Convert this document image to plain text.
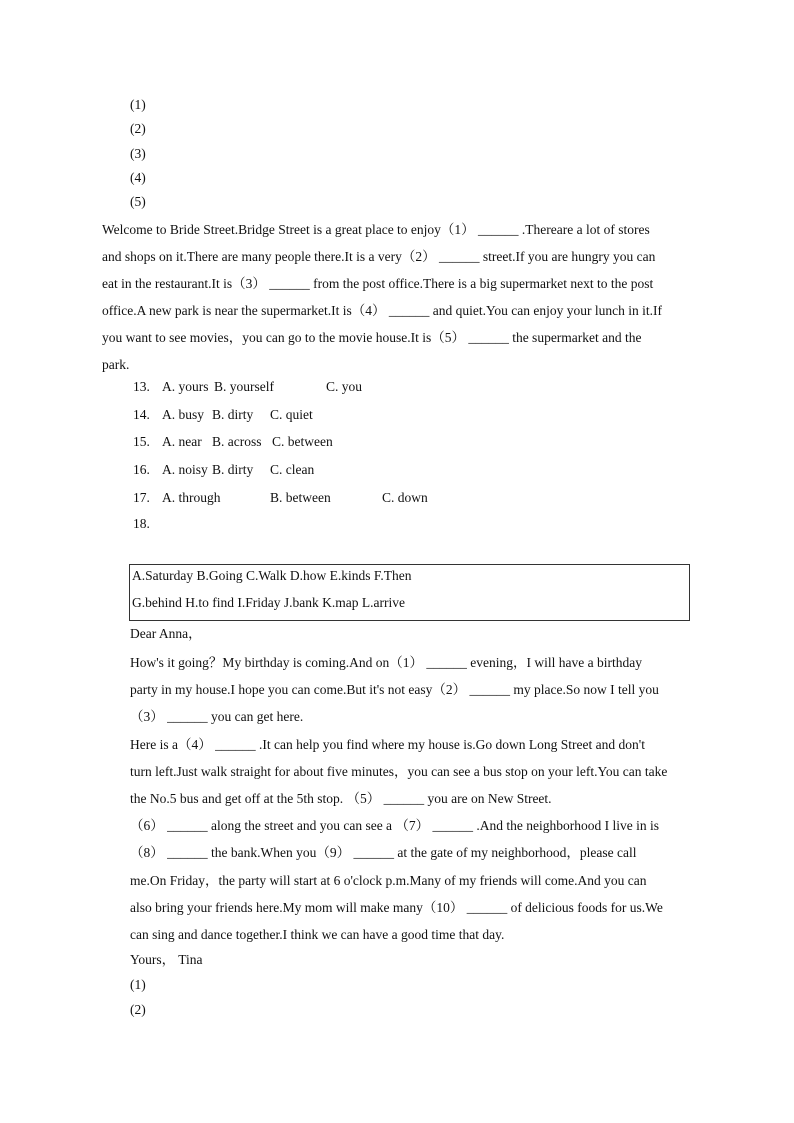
(1)
(2)
(3)
(4)
(5)

Welcome to Bride Street.Bridge Street is a great place to enjoy（1） ______ .Thereare a lot of stores

and shops on it.There are many people there.It is a very（2） ______ street.If you are hungry you can

eat in the restaurant.It is（3） ______ from the post office.There is a big supermarket next to the post

office.A new park is near the supermarket.It is（4） ______ and quiet.You can enjoy your lunch in it.If

you want to see movies，you can go to the movie house.It is（5） ______ the supermarket and the

park.

13. A. yours B. yourself	C. you
14. A. busy B. dirty C. quiet
15. A. near B. across C. between
16. A. noisy B. dirty C. clean
17. A. through	B. between	C. down
18.
A.Saturday B.Going C.Walk D.how E.kinds F.Then
G.behind H.to find I.Friday J.bank K.map L.arrive

Dear Anna，

How's it going？My birthday is coming.And on（1） ______ evening，I will have a birthday

party in my house.I hope you can come.But it's not easy（2） ______ my place.So now I tell you

（3） ______ you can get here.

Here is a（4） ______ .It can help you find where my house is.Go down Long Street and don't

turn left.Just walk straight for about five minutes，you can see a bus stop on your left.You can take

the No.5 bus and get off at the 5th stop. （5） ______ you are on New Street.

（6） ______ along the street and you can see a （7） ______ .And the neighborhood I live in is

（8） ______ the bank.When you（9） ______ at the gate of my neighborhood，please call

me.On Friday，the party will start at 6 o'clock p.m.Many of my friends will come.And you can

also bring your friends here.My mom will make many（10） ______ of delicious foods for us.We

can sing and dance together.I think we can have a good time that day.

Yours， Tina

(1)

(2)
